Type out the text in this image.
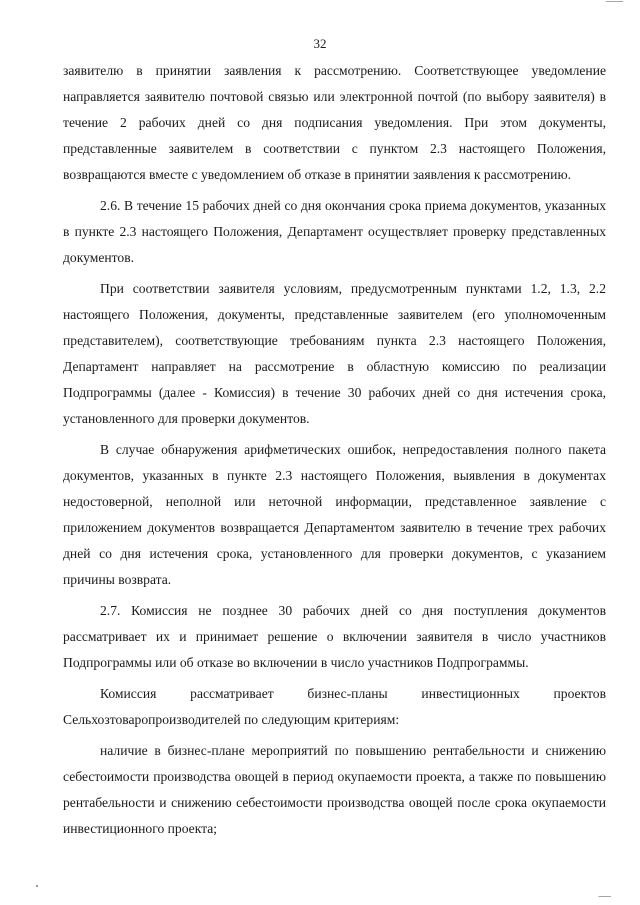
——
32

заявителю в принятии заявления к рассмотрению. Соответствующее уведомление направляется заявителю почтовой связью или электронной почтой (по выбору заявителя) в течение 2 рабочих дней со дня подписания уведомления. При этом документы, представленные заявителем в соответствии с пунктом 2.3 настоящего Положения, возвращаются вместе с уведомлением об отказе в принятии заявления к рассмотрению.

2.6. В течение 15 рабочих дней со дня окончания срока приема документов, указанных в пункте 2.3 настоящего Положения, Департамент осуществляет проверку представленных документов.

При соответствии заявителя условиям, предусмотренным пунктами 1.2, 1.3, 2.2 настоящего Положения, документы, представленные заявителем (его уполномоченным представителем), соответствующие требованиям пункта 2.3 настоящего Положения, Департамент направляет на рассмотрение в областную комиссию по реализации Подпрограммы (далее - Комиссия) в течение 30 рабочих дней со дня истечения срока, установленного для проверки документов.

В случае обнаружения арифметических ошибок, непредоставления полного пакета документов, указанных в пункте 2.3 настоящего Положения, выявления в документах недостоверной, неполной или неточной информации, представленное заявление с приложением документов возвращается Департаментом заявителю в течение трех рабочих дней со дня истечения срока, установленного для проверки документов, с указанием причины возврата.

2.7. Комиссия не позднее 30 рабочих дней со дня поступления документов рассматривает их и принимает решение о включении заявителя в число участников Подпрограммы или об отказе во включении в число участников Подпрограммы.

Комиссия рассматривает бизнес-планы инвестиционных проектов Сельхозтоваропроизводителей по следующим критериям:

наличие в бизнес-плане мероприятий по повышению рентабельности и снижению себестоимости производства овощей в период окупаемости проекта, а также по повышению рентабельности и снижению себестоимости производства овощей после срока окупаемости инвестиционного проекта;

–—
